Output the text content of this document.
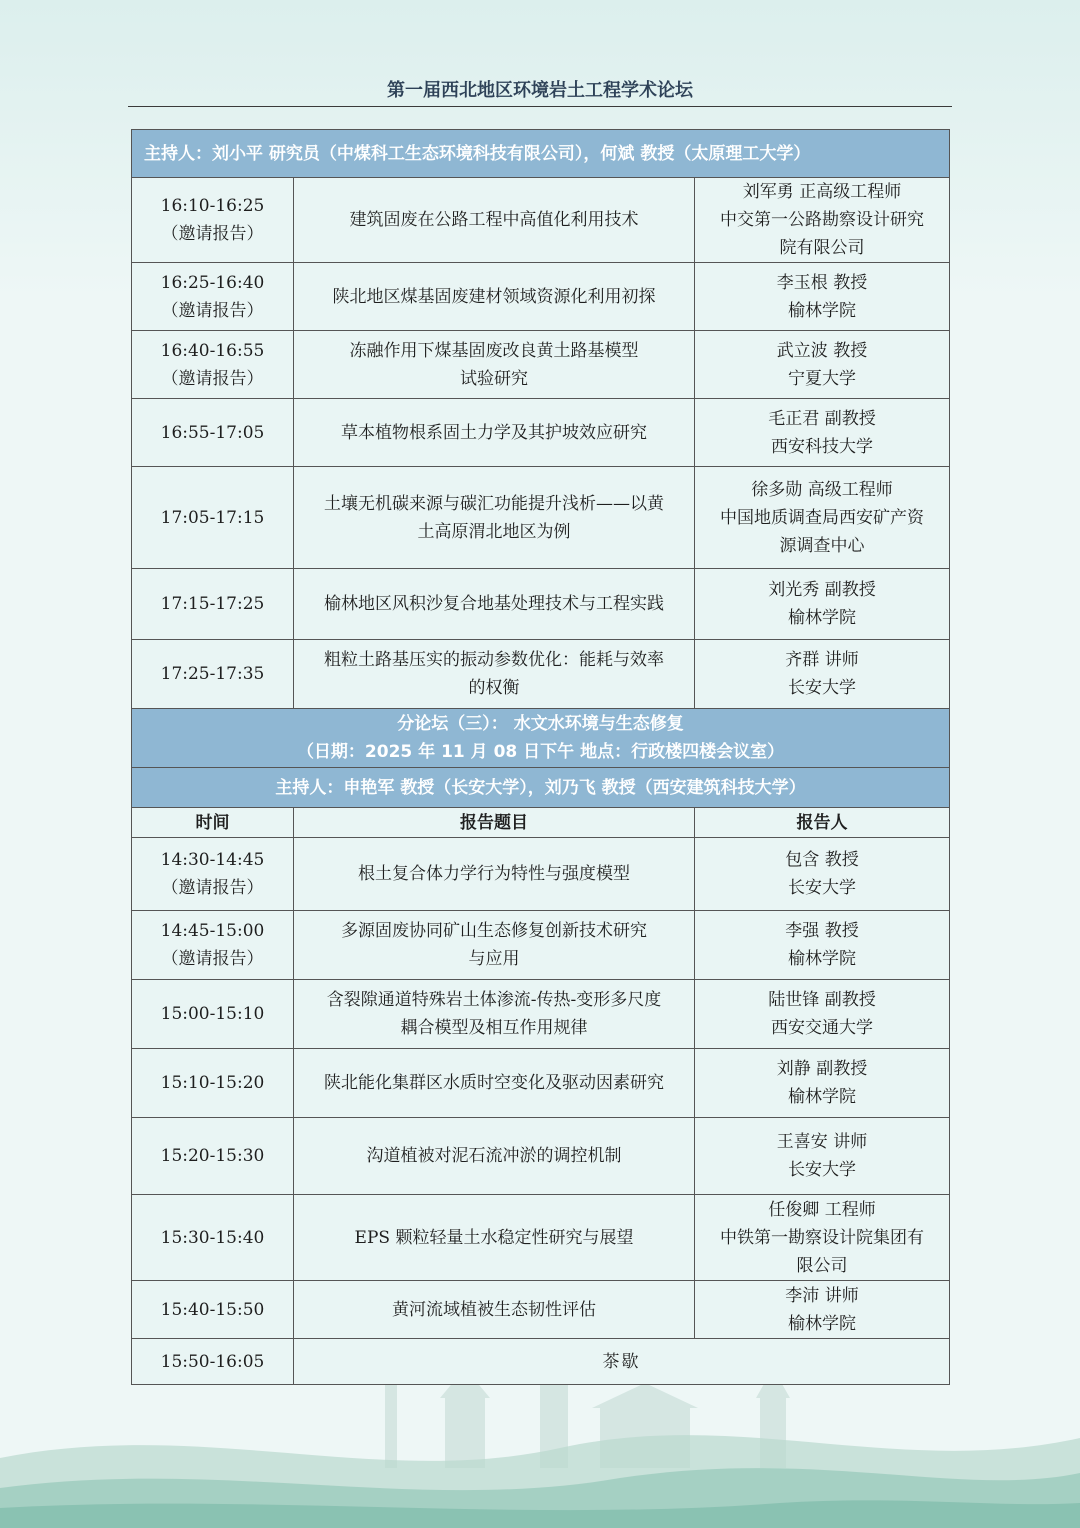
第一届西北地区环境岩土工程学术论坛
主持人：刘小平 研究员（中煤科工生态环境科技有限公司），何斌 教授（太原理工大学）		

16:10-16:25
（邀请报告）	建筑固废在公路工程中高值化利用技术	刘军勇 正高级工程师
中交第一公路勘察设计研究
院有限公司

16:25-16:40
（邀请报告）	陕北地区煤基固废建材领域资源化利用初探	李玉根 教授
榆林学院

16:40-16:55
（邀请报告）	冻融作用下煤基固废改良黄土路基模型
试验研究	武立波 教授
宁夏大学

16:55-17:05	草本植物根系固土力学及其护坡效应研究	毛正君 副教授
西安科技大学

17:05-17:15	土壤无机碳来源与碳汇功能提升浅析——以黄
土高原渭北地区为例	徐多勋 高级工程师
中国地质调查局西安矿产资
源调查中心

17:15-17:25	榆林地区风积沙复合地基处理技术与工程实践	刘光秀 副教授
榆林学院

17:25-17:35	粗粒土路基压实的振动参数优化：能耗与效率
的权衡	齐群 讲师
长安大学

分论坛（三）： 水文水环境与生态修复
（日期：2025 年 11 月 08 日下午 地点：行政楼四楼会议室）		

主持人：申艳军 教授（长安大学），刘乃飞 教授（西安建筑科技大学）		

时间	报告题目	报告人

14:30-14:45
（邀请报告）	根土复合体力学行为特性与强度模型	包含 教授
长安大学

14:45-15:00
（邀请报告）	多源固废协同矿山生态修复创新技术研究
与应用	李强 教授
榆林学院

15:00-15:10	含裂隙通道特殊岩土体渗流-传热-变形多尺度
耦合模型及相互作用规律	陆世锋 副教授
西安交通大学

15:10-15:20	陕北能化集群区水质时空变化及驱动因素研究	刘静 副教授
榆林学院

15:20-15:30	沟道植被对泥石流冲淤的调控机制	王喜安 讲师
长安大学

15:30-15:40	EPS 颗粒轻量土水稳定性研究与展望	任俊卿 工程师
中铁第一勘察设计院集团有
限公司

15:40-15:50	黄河流域植被生态韧性评估	李沛 讲师
榆林学院

15:50-16:05	茶歇	
